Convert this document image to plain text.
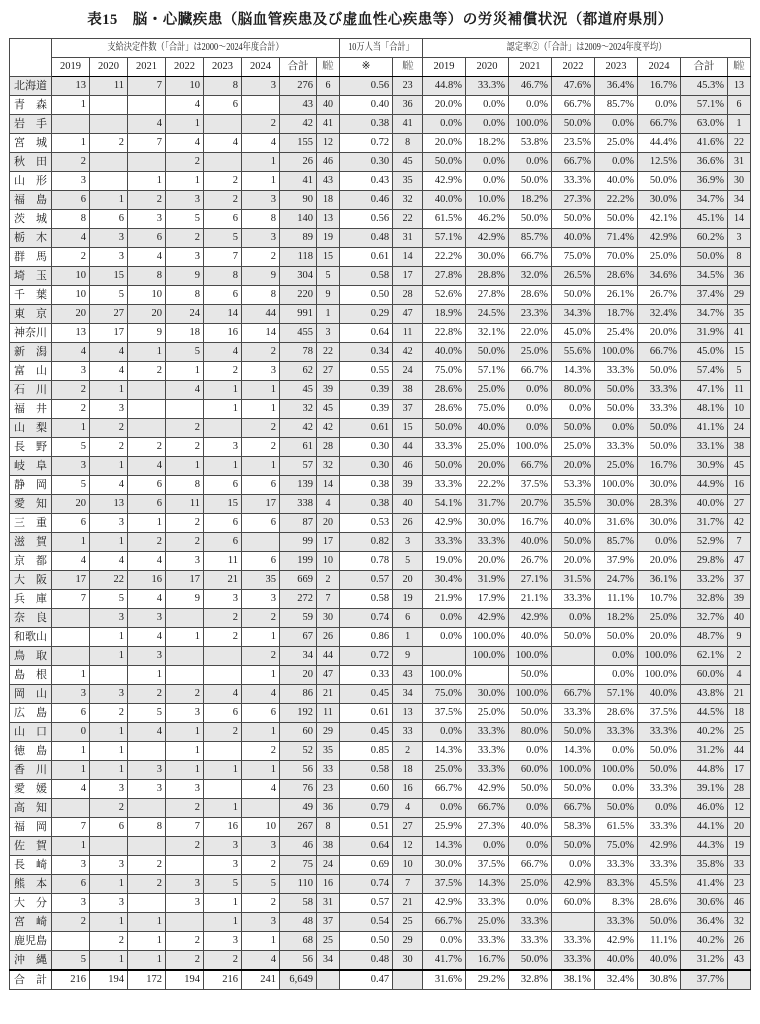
表15　脳・心臓疾患（脳血管疾患及び虚血性心疾患等）の労災補償状況（都道府県別）
	支給決定件数（「合計」は2000〜2024年度合計）								10万人当「合計」		認定率②（「合計」は2009〜2024年度平均）							
	2019	2020	2021	2022	2023	2024	合計	順位	※	順位	2019	2020	2021	2022	2023	2024	合計	順位
北海道	13	11	7	10	8	3	276	6	0.56	23	44.8%	33.3%	46.7%	47.6%	36.4%	16.7%	45.3%	13
青森	1			4	6		43	40	0.40	36	20.0%	0.0%	0.0%	66.7%	85.7%	0.0%	57.1%	6
岩手			4	1		2	42	41	0.38	41	0.0%	0.0%	100.0%	50.0%	0.0%	66.7%	63.0%	1
宮城	1	2	7	4	4	4	155	12	0.72	8	20.0%	18.2%	53.8%	23.5%	25.0%	44.4%	41.6%	22
秋田	2			2		1	26	46	0.30	45	50.0%	0.0%	0.0%	66.7%	0.0%	12.5%	36.6%	31
山形	3		1	1	2	1	41	43	0.43	35	42.9%	0.0%	50.0%	33.3%	40.0%	50.0%	36.9%	30
福島	6	1	2	3	2	3	90	18	0.46	32	40.0%	10.0%	18.2%	27.3%	22.2%	30.0%	34.7%	34
茨城	8	6	3	5	6	8	140	13	0.56	22	61.5%	46.2%	50.0%	50.0%	50.0%	42.1%	45.1%	14
栃木	4	3	6	2	5	3	89	19	0.48	31	57.1%	42.9%	85.7%	40.0%	71.4%	42.9%	60.2%	3
群馬	2	3	4	3	7	2	118	15	0.61	14	22.2%	30.0%	66.7%	75.0%	70.0%	25.0%	50.0%	8
埼玉	10	15	8	9	8	9	304	5	0.58	17	27.8%	28.8%	32.0%	26.5%	28.6%	34.6%	34.5%	36
千葉	10	5	10	8	6	8	220	9	0.50	28	52.6%	27.8%	28.6%	50.0%	26.1%	26.7%	37.4%	29
東京	20	27	20	24	14	44	991	1	0.29	47	18.9%	24.5%	23.3%	34.3%	18.7%	32.4%	34.7%	35
神奈川	13	17	9	18	16	14	455	3	0.64	11	22.8%	32.1%	22.0%	45.0%	25.4%	20.0%	31.9%	41
新潟	4	4	1	5	4	2	78	22	0.34	42	40.0%	50.0%	25.0%	55.6%	100.0%	66.7%	45.0%	15
富山	3	4	2	1	2	3	62	27	0.55	24	75.0%	57.1%	66.7%	14.3%	33.3%	50.0%	57.4%	5
石川	2	1		4	1	1	45	39	0.39	38	28.6%	25.0%	0.0%	80.0%	50.0%	33.3%	47.1%	11
福井	2	3			1	1	32	45	0.39	37	28.6%	75.0%	0.0%	0.0%	50.0%	33.3%	48.1%	10
山梨	1	2		2		2	42	42	0.61	15	50.0%	40.0%	0.0%	50.0%	0.0%	50.0%	41.1%	24
長野	5	2	2	2	3	2	61	28	0.30	44	33.3%	25.0%	100.0%	25.0%	33.3%	50.0%	33.1%	38
岐阜	3	1	4	1	1	1	57	32	0.30	46	50.0%	20.0%	66.7%	20.0%	25.0%	16.7%	30.9%	45
静岡	5	4	6	8	6	6	139	14	0.38	39	33.3%	22.2%	37.5%	53.3%	100.0%	30.0%	44.9%	16
愛知	20	13	6	11	15	17	338	4	0.38	40	54.1%	31.7%	20.7%	35.5%	30.0%	28.3%	40.0%	27
三重	6	3	1	2	6	6	87	20	0.53	26	42.9%	30.0%	16.7%	40.0%	31.6%	30.0%	31.7%	42
滋賀	1	1	2	2	6		99	17	0.82	3	33.3%	33.3%	40.0%	50.0%	85.7%	0.0%	52.9%	7
京都	4	4	4	3	11	6	199	10	0.78	5	19.0%	20.0%	26.7%	20.0%	37.9%	20.0%	29.8%	47
大阪	17	22	16	17	21	35	669	2	0.57	20	30.4%	31.9%	27.1%	31.5%	24.7%	36.1%	33.2%	37
兵庫	7	5	4	9	3	3	272	7	0.58	19	21.9%	17.9%	21.1%	33.3%	11.1%	10.7%	32.8%	39
奈良		3	3		2	2	59	30	0.74	6	0.0%	42.9%	42.9%	0.0%	18.2%	25.0%	32.7%	40
和歌山		1	4	1	2	1	67	26	0.86	1	0.0%	100.0%	40.0%	50.0%	50.0%	20.0%	48.7%	9
鳥取		1	3			2	34	44	0.72	9		100.0%	100.0%		0.0%	100.0%	62.1%	2
島根	1		1			1	20	47	0.33	43	100.0%		50.0%		0.0%	100.0%	60.0%	4
岡山	3	3	2	2	4	4	86	21	0.45	34	75.0%	30.0%	100.0%	66.7%	57.1%	40.0%	43.8%	21
広島	6	2	5	3	6	6	192	11	0.61	13	37.5%	25.0%	50.0%	33.3%	28.6%	37.5%	44.5%	18
山口	0	1	4	1	2	1	60	29	0.45	33	0.0%	33.3%	80.0%	50.0%	33.3%	33.3%	40.2%	25
徳島	1	1		1		2	52	35	0.85	2	14.3%	33.3%	0.0%	14.3%	0.0%	50.0%	31.2%	44
香川	1	1	3	1	1	1	56	33	0.58	18	25.0%	33.3%	60.0%	100.0%	100.0%	50.0%	44.8%	17
愛媛	4	3	3	3		4	76	23	0.60	16	66.7%	42.9%	50.0%	50.0%	0.0%	33.3%	39.1%	28
高知		2		2	1		49	36	0.79	4	0.0%	66.7%	0.0%	66.7%	50.0%	0.0%	46.0%	12
福岡	7	6	8	7	16	10	267	8	0.51	27	25.9%	27.3%	40.0%	58.3%	61.5%	33.3%	44.1%	20
佐賀	1			2	3	3	46	38	0.64	12	14.3%	0.0%	0.0%	50.0%	75.0%	42.9%	44.3%	19
長崎	3	3	2		3	2	75	24	0.69	10	30.0%	37.5%	66.7%	0.0%	33.3%	33.3%	35.8%	33
熊本	6	1	2	3	5	5	110	16	0.74	7	37.5%	14.3%	25.0%	42.9%	83.3%	45.5%	41.4%	23
大分	3	3		3	1	2	58	31	0.57	21	42.9%	33.3%	0.0%	60.0%	8.3%	28.6%	30.6%	46
宮崎	2	1	1		1	3	48	37	0.54	25	66.7%	25.0%	33.3%		33.3%	50.0%	36.4%	32
鹿児島		2	1	2	3	1	68	25	0.50	29	0.0%	33.3%	33.3%	33.3%	42.9%	11.1%	40.2%	26
沖縄	5	1	1	2	2	4	56	34	0.48	30	41.7%	16.7%	50.0%	33.3%	40.0%	40.0%	31.2%	43
合計	216	194	172	194	216	241	6,649		0.47		31.6%	29.2%	32.8%	38.1%	32.4%	30.8%	37.7%	
